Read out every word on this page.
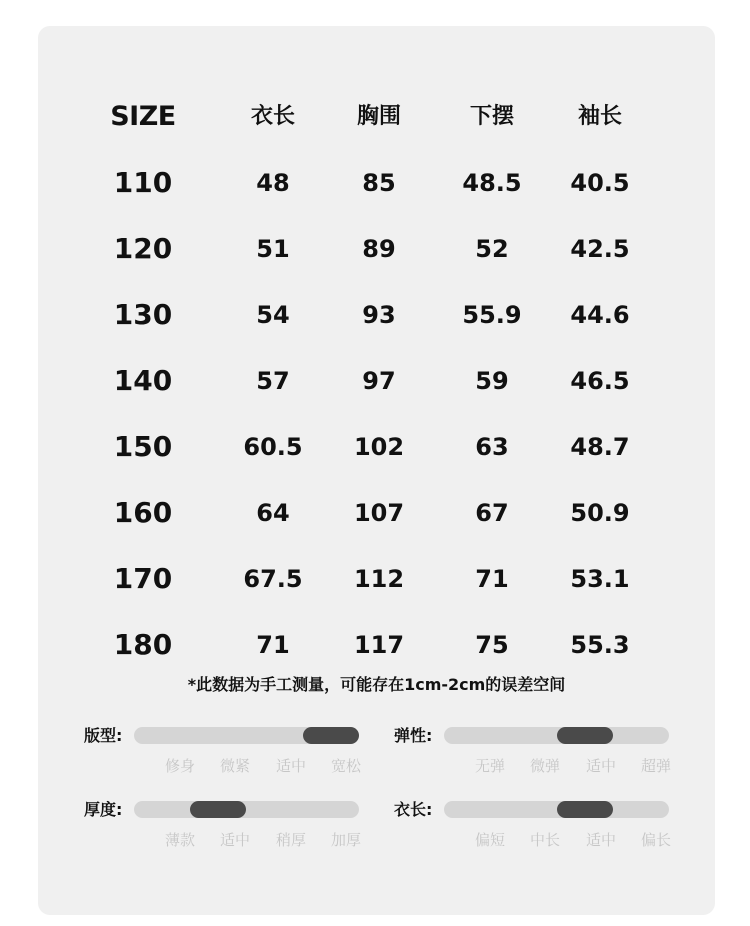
SIZE	衣长	胸围	下摆	袖长
110	48	85	48.5	40.5
120	51	89	52	42.5
130	54	93	55.9	44.6
140	57	97	59	46.5
150	60.5	102	63	48.7
160	64	107	67	50.9
170	67.5	112	71	53.1
180	71	117	75	55.3
*此数据为手工测量，可能存在1cm-2cm的误差空间
版型:
修身	微紧	适中	宽松
弹性:
无弹	微弹	适中	超弹
厚度:
薄款	适中	稍厚	加厚
衣长:
偏短	中长	适中	偏长
